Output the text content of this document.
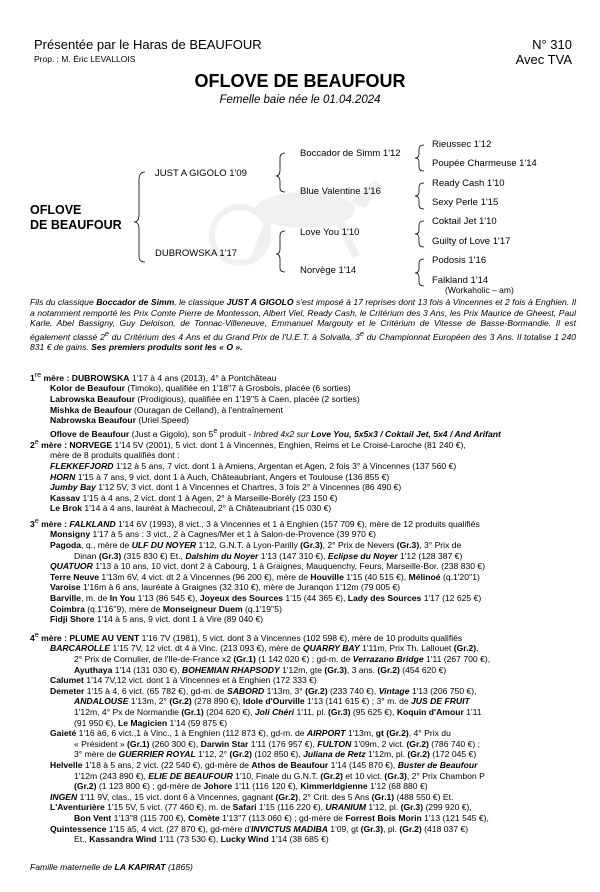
Présentée par le Haras de BEAUFOUR
Prop. : M. Éric LEVALLOIS
N° 310
Avec TVA
OFLOVE DE BEAUFOUR
Femelle baie née le 01.04.2024
OFLOVE
DE BEAUFOUR
JUST A GIGOLO 1'09
DUBROWSKA 1'17
Boccador de Simm 1'12
Blue Valentine 1'16
Love You 1'10
Norvège 1'14
Rieussec 1'12
Poupée Charmeuse 1'14
Ready Cash 1'10
Sexy Perle 1'15
Coktail Jet 1'10
Guilty of Love 1'17
Podosis 1'16
Falkland 1'14
(Workaholic – am)
Fils du classique Boccador de Simm, le classique JUST A GIGOLO s'est imposé à 17 reprises dont 13 fois à Vincennes et 2 fois à Enghien. Il a notamment remporté les Prix Comte Pierre de Montesson, Albert Viel, Ready Cash, le Critérium des 3 Ans, les Prix Maurice de Gheest, Paul Karle, Abel Bassigny, Guy Deloison, de Tonnac-Villeneuve, Emmanuel Margouty et le Critérium de Vitesse de Basse-Bormandie. Il est également classé 2e du Critérium des 4 Ans et du Grand Prix de l'U.E.T. à Solvalla, 3e du Championnat Européen des 3 Ans. Il totalise 1 240 831 € de gains. Ses premiers produits sont les « O ».
1re mère : DUBROWSKA 1'17 à 4 ans (2013), 4° à Pontchâteau
Kolor de Beaufour (Timoko), qualifiée en 1'18''7 à Grosbois, placée (6 sorties)
Labrowska Beaufour (Prodigious), qualifiée en 1'19''5 à Caen, placée (2 sorties)
Mishka de Beaufour (Ouragan de Celland), à l'entraînement
Nabrowska Beaufour (Uriel Speed)
Oflove de Beaufour (Just a Gigolo), son 5e produit - Inbred 4x2 sur Love You, 5x5x3 / Coktail Jet, 5x4 / And Arifant
2e mère : NORVEGE 1'14 5V (2001), 5 vict. dont 1 à Vincennes, Enghien, Reims et Le Croisé-Laroche (81 240 €),
mère de 8 produits qualifiés dont :
FLEKKEFJORD 1'12 à 5 ans, 7 vict. dont 1 à Amiens, Argentan et Agen, 2 fois 3° à Vincennes (137 560 €)
HORN 1'15 à 7 ans, 9 vict. dont 1 à Auch, Châteaubriant, Angers et Toulouse (136 855 €)
Jumby Bay 1'12 5V, 3 vict. dont 1 à Vincennes et Chartres, 3 fois 2° à Vincennes (86 490 €)
Kassav 1'15 à 4 ans, 2 vict. dont 1 à Agen, 2° à Marseille-Borély (23 150 €)
Le Brok 1'14 à 4 ans, lauréat à Machecoul, 2° à Châteaubriant (15 030 €)
3e mère : FALKLAND 1'14 6V (1993), 8 vict., 3 à Vincennes et 1 à Enghien (157 709 €), mère de 12 produits qualifiés
Monsigny 1'17 à 5 ans : 3 vict., 2 à Cagnes/Mer et 1 à Salon-de-Provence (39 970 €)
Pagoda, q., mère de ULF DU NOYER 1'12, G.N.T. à Lyon-Parilly (Gr.3), 2° Prix de Nevers (Gr.3), 3° Prix de
Dinan (Gr.3) (315 830 €) Et., Dalshim du Noyer 1'13 (147 310 €), Eclipse du Noyer 1'12 (128 387 €)
QUATUOR 1'13 à 10 ans, 10 vict. dont 2 à Cabourg, 1 à Graignes, Mauquenchy, Feurs, Marseille-Bor. (238 830 €)
Terre Neuve 1'13m 6V, 4 vict. dt 2 à Vincennes (96 200 €), mère de Houville 1'15 (40 515 €), Mélinoé (q.1'20''1)
Varoise 1'16m à 6 ans, lauréate à Graignes (32 310 €), mère de Juranqon 1'12m (79 005 €)
Barville, m. de In You 1'13 (86 545 €), Joyeux des Sources 1'15 (44 365 €), Lady des Sources 1'17 (12 625 €)
Coimbra (q.1'16''9), mère de Monseigneur Duem (q.1'19''5)
Fidji Shore 1'14 à 5 ans, 9 vict. dont 1 à Vire (89 040 €)
4e mère : PLUME AU VENT 1'16 7V (1981), 5 vict. dont 3 à Vincennes (102 598 €), mère de 10 produits qualifiés
BARCAROLLE 1'15 7V, 12 vict. dt 4 à Vinc. (213 093 €), mère de QUARRY BAY 1'11m, Prix Th. Lallouet (Gr.2),
2° Prix de Cornulier, de l'Ile-de-France x2 (Gr.1) (1 142 020 €) ; gd-m. de Verrazano Bridge 1'11 (267 700 €),
Ayuthaya 1'14 (131 030 €), BOHEMIAN RHAPSODY 1'12m, gte (Gr.3), 3 ans. (Gr.2) (454 620 €)
Calumet 1'14 7V,12 vict. dont 1 à Vincennes et à Enghien (172 333 €)
Demeter 1'15 à 4, 6 vict. (65 782 €), gd-m. de SABORD 1'13m, 3° (Gr.2) (233 740 €), Vintage 1'13 (206 750 €),
ANDALOUSE 1'13m, 2° (Gr.2) (278 890 €), Idole d'Ourville 1'13 (141 615 €) ; 3° m. de JUS DE FRUIT
1'12m, 4° Px de Normandie (Gr.1) (204 620 €), Joli Chéri 1'11, pl. (Gr.3) (95 625 €), Koquin d'Amour 1'11
(91 950 €), Le Magicien 1'14 (59 875 €)
Gaieté 1'16 à6, 6 vict.,1 à Vinc., 1 à Enghien (112 873 €), gd-m. de AIRPORT 1'13m, gt (Gr.2), 4° Prix du
« Président » (Gr.1) (260 300 €), Darwin Star 1'11 (176 957 €), FULTON 1'09m, 2 vict. (Gr.2) (786 740 €) ;
3° mère de GUERRIER ROYAL 1'12, 2° (Gr.2) (102 850 €), Juliana de Retz 1'12m, pl. (Gr.2) (172 045 €)
Helvelle 1'18 à 5 ans, 2 vict. (22 540 €), gd-mère de Athos de Beaufour 1'14 (145 870 €), Buster de Beaufour
1'12m (243 890 €), ELIE DE BEAUFOUR 1'10, Finale du G.N.T. (Gr.2) et 10 vict. (Gr.3), 2° Prix Chambon P
(Gr.2) (1 123 800 €) ; gd-mère de Johore 1'11 (116 120 €), Kimmerldgienne 1'12 (68 880 €)
INGEN 1'11 9V, clas., 15 vict. dont 6 à Vincennes, gagnant (Gr.2), 2° Crit. des 5 Ans (Gr.1) (488 550 €) Et.
L'Aventurière 1'15 5V, 5 vict. (77 460 €), m. de Safari 1'15 (116 220 €), URANIUM 1'12, pl. (Gr.3) (299 920 €),
Bon Vent 1'13''8 (115 700 €), Comète 1'13''7 (113 060 €) ; gd-mère de Forrest Bois Morin 1'13 (121 545 €),
Quintessence 1'15 à5, 4 vict. (27 870 €), gd-mère d'INVICTUS MADIBA 1'09, gt (Gr.3), pl. (Gr.2) (418 037 €)
Et., Kassandra Wind 1'11 (73 530 €), Lucky Wind 1'14 (38 685 €)
Famille maternelle de LA KAPIRAT (1865)
